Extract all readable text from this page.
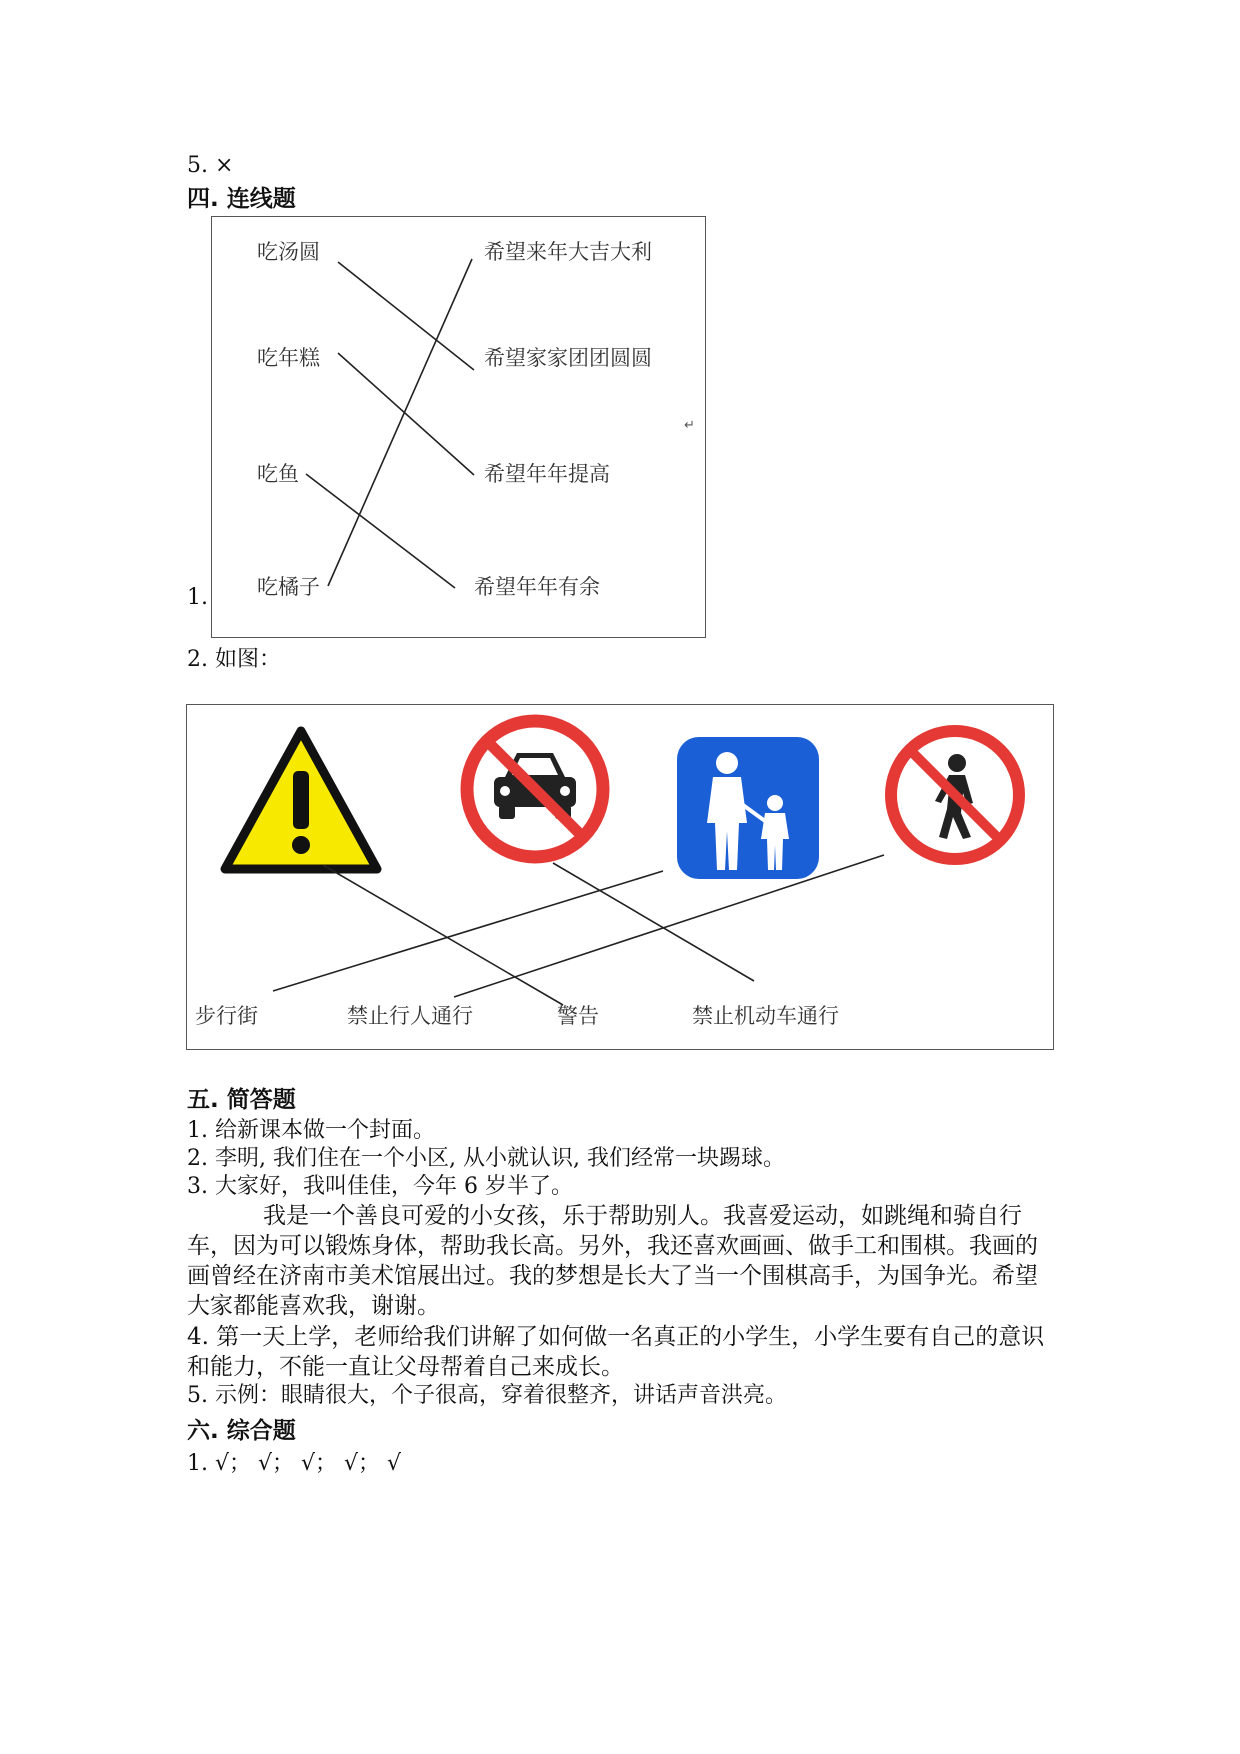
5. ×
四. 连线题
1.
吃汤圆
吃年糕
吃鱼
吃橘子
希望来年大吉大利
希望家家团团圆圆
希望年年提高
希望年年有余
↵
2. 如图：
步行街	禁止行人通行	警告	禁止机动车通行
五. 简答题
1. 给新课本做一个封面。
2. 李明, 我们住在一个小区, 从小就认识, 我们经常一块踢球。
3. 大家好，我叫佳佳，今年 6 岁半了。
我是一个善良可爱的小女孩，乐于帮助别人。我喜爱运动，如跳绳和骑自行车，因为可以锻炼身体，帮助我长高。另外，我还喜欢画画、做手工和围棋。我画的画曾经在济南市美术馆展出过。我的梦想是长大了当一个围棋高手，为国争光。希望大家都能喜欢我，谢谢。
4. 第一天上学，老师给我们讲解了如何做一名真正的小学生，小学生要有自己的意识和能力，不能一直让父母帮着自己来成长。
5. 示例：眼睛很大，个子很高，穿着很整齐，讲话声音洪亮。
六. 综合题
1. √； √； √； √； √
